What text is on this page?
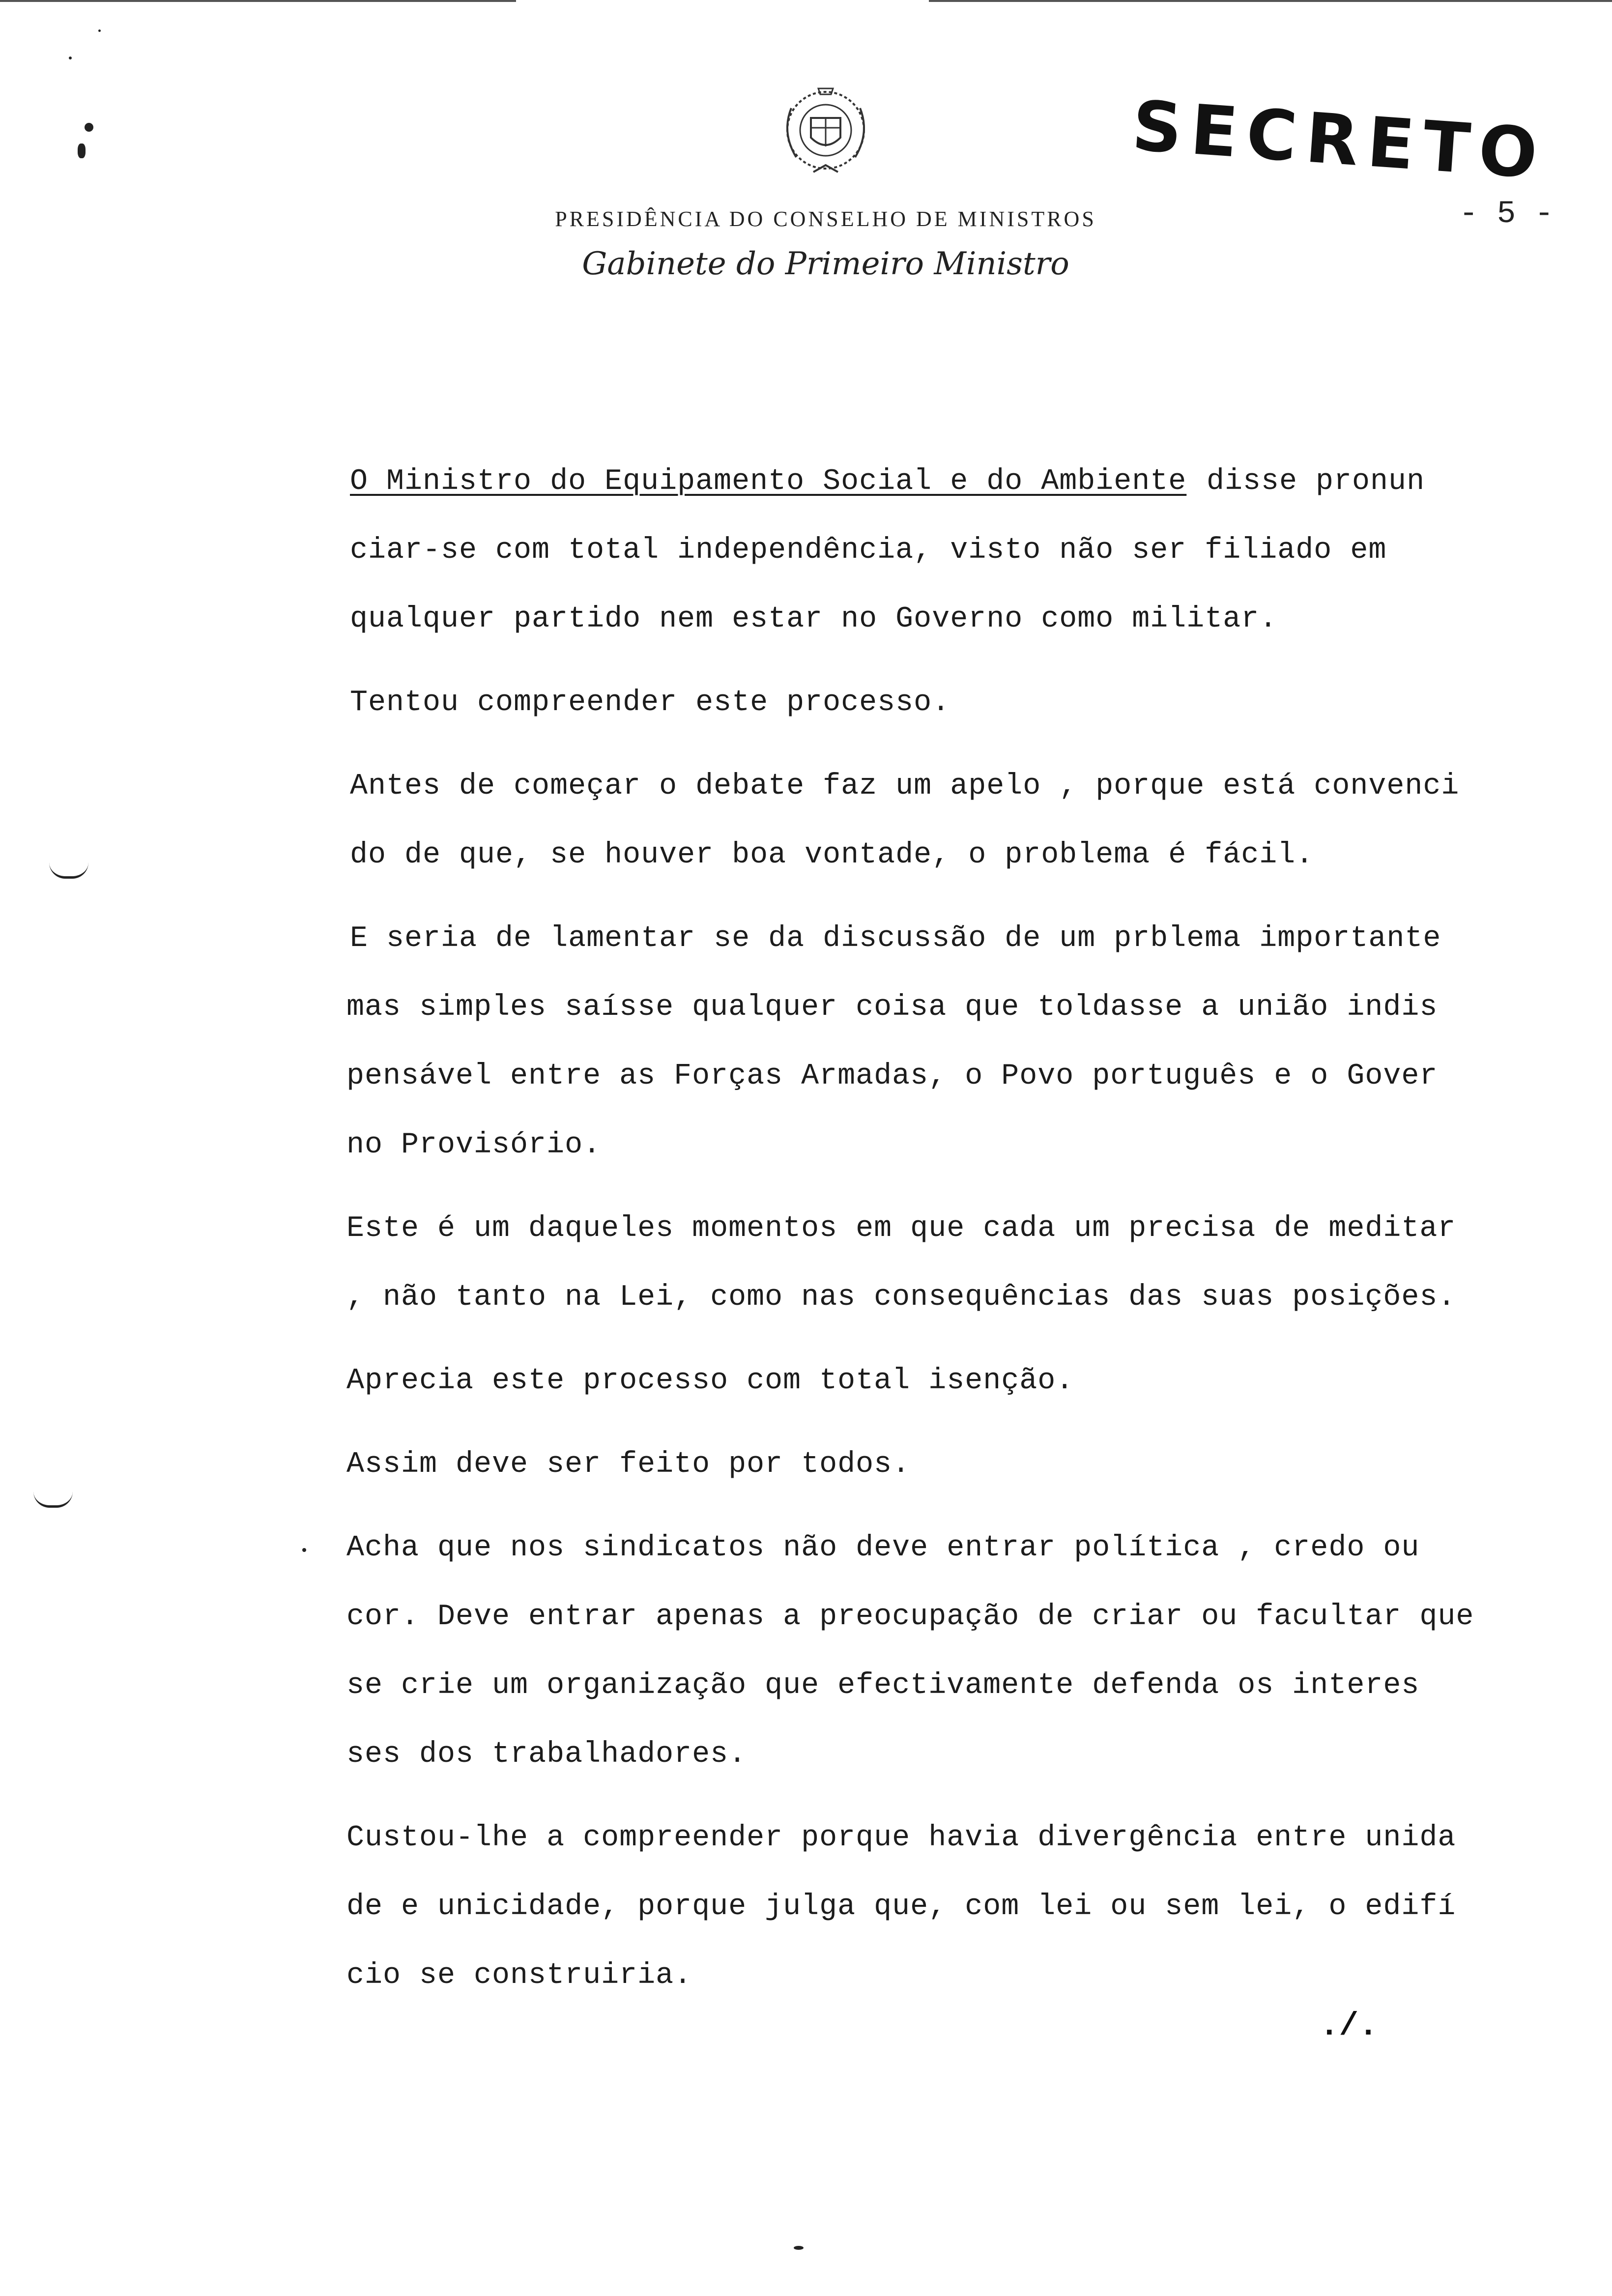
SECRETO
- 5 -
PRESIDÊNCIA DO CONSELHO DE MINISTROS
Gabinete do Primeiro Ministro
O Ministro do Equipamento Social e do Ambiente disse pronun
ciar-se com total independência, visto não ser filiado em
qualquer partido nem estar no Governo como militar.
Tentou compreender este processo.
Antes de começar o debate faz um apelo , porque está convenci
do de que, se houver boa vontade, o problema é fácil.
E seria de lamentar se da discussão de um prblema importante
mas simples saísse qualquer coisa que toldasse a união indis
pensável entre as Forças Armadas, o Povo português e o Gover
no Provisório.
Este é um daqueles momentos em que cada um precisa de meditar
, não tanto na Lei, como nas consequências das suas posições.
Aprecia este processo com total isenção.
Assim deve ser feito por todos.
Acha que nos sindicatos não deve entrar política , credo ou
cor. Deve entrar apenas a preocupação de criar ou facultar que
se crie um organização que efectivamente defenda os interes
ses dos trabalhadores.
Custou-lhe a compreender porque havia divergência entre unida
de e unicidade, porque julga que, com lei ou sem lei, o edifí
cio se construiria.
./.
